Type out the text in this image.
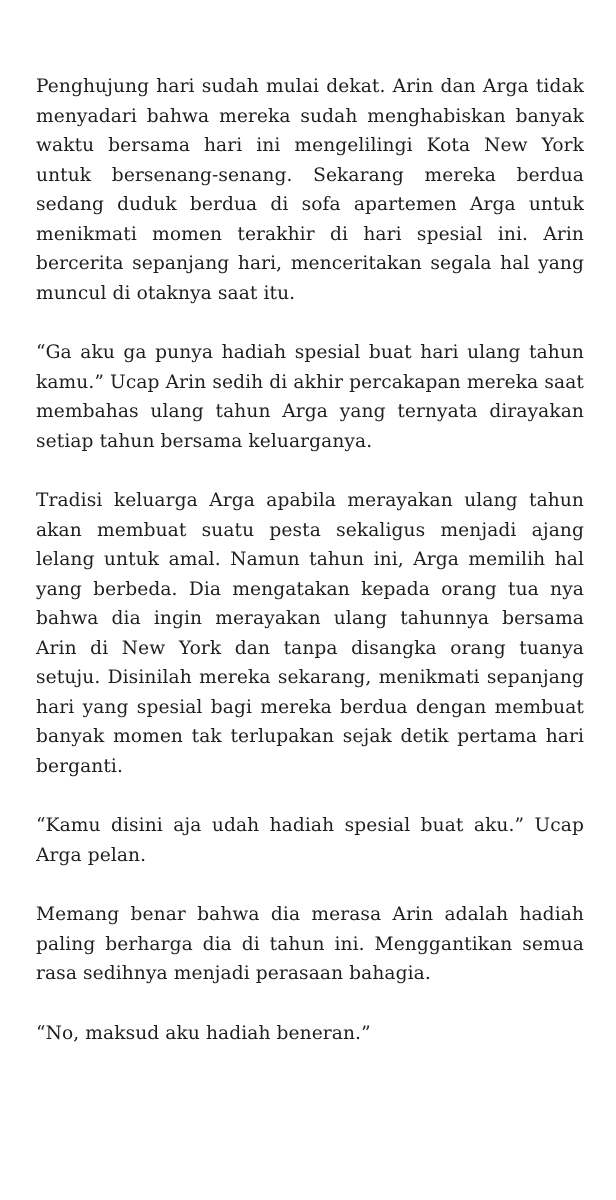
Penghujung hari sudah mulai dekat. Arin dan Arga tidak menyadari bahwa mereka sudah menghabiskan banyak waktu bersama hari ini mengelilingi Kota New York untuk bersenang-senang. Sekarang mereka berdua sedang duduk berdua di sofa apartemen Arga untuk menikmati momen terakhir di hari spesial ini. Arin bercerita sepanjang hari, menceritakan segala hal yang muncul di otaknya saat itu.

“Ga aku ga punya hadiah spesial buat hari ulang tahun kamu.” Ucap Arin sedih di akhir percakapan mereka saat membahas ulang tahun Arga yang ternyata dirayakan setiap tahun bersama keluarganya.

Tradisi keluarga Arga apabila merayakan ulang tahun akan membuat suatu pesta sekaligus menjadi ajang lelang untuk amal. Namun tahun ini, Arga memilih hal yang berbeda. Dia mengatakan kepada orang tua nya bahwa dia ingin merayakan ulang tahunnya bersama Arin di New York dan tanpa disangka orang tuanya setuju. Disinilah mereka sekarang, menikmati sepanjang hari yang spesial bagi mereka berdua dengan membuat banyak momen tak terlupakan sejak detik pertama hari berganti.

“Kamu disini aja udah hadiah spesial buat aku.” Ucap Arga pelan.

Memang benar bahwa dia merasa Arin adalah hadiah paling berharga dia di tahun ini. Menggantikan semua rasa sedihnya menjadi perasaan bahagia.

“No, maksud aku hadiah beneran.”
